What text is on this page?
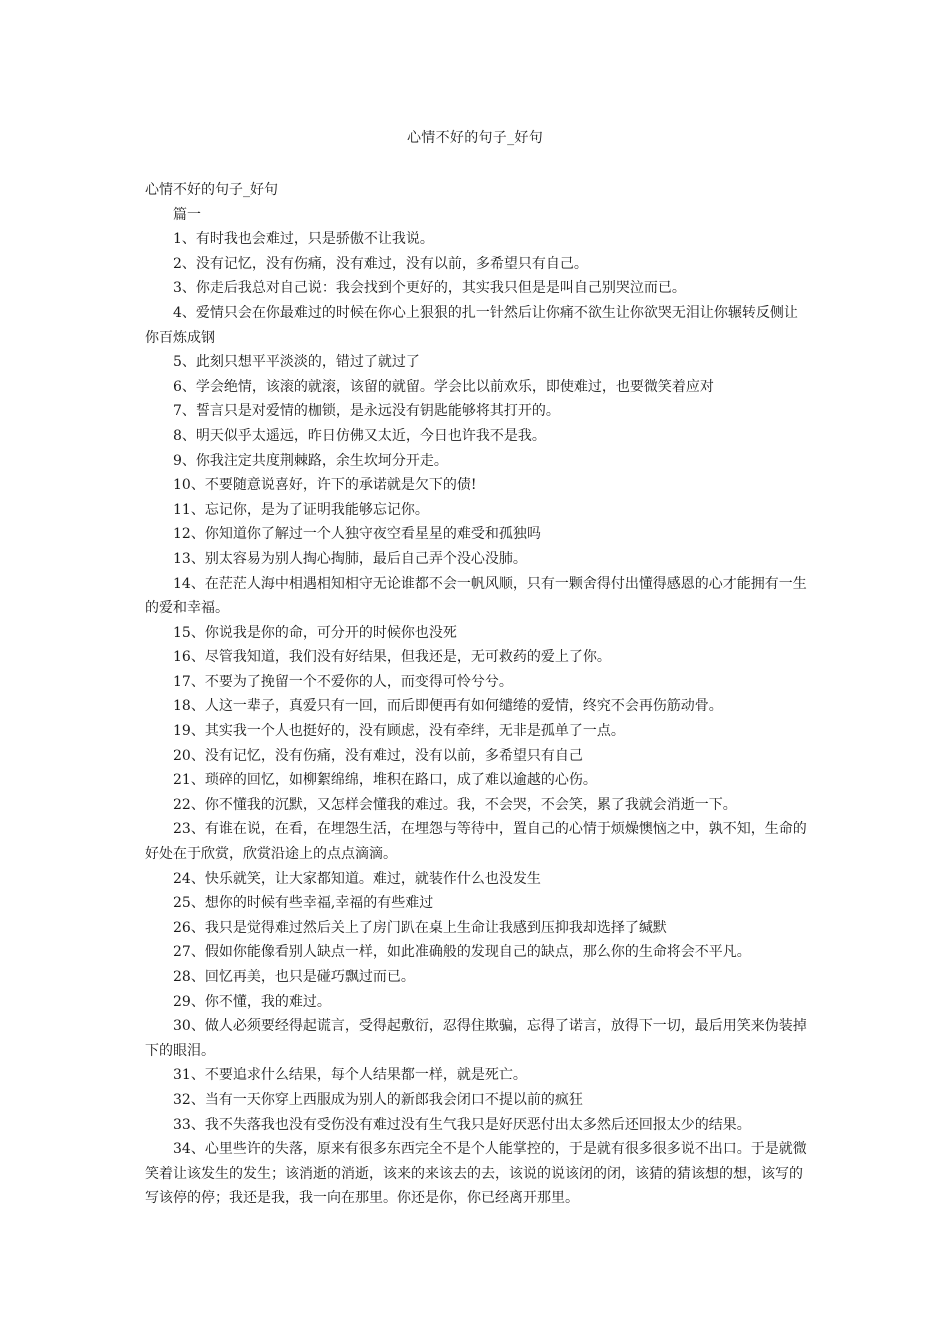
心情不好的句子_好句

心情不好的句子_好句

篇一

1、有时我也会难过，只是骄傲不让我说。

2、没有记忆，没有伤痛，没有难过，没有以前，多希望只有自己。

3、你走后我总对自己说：我会找到个更好的，其实我只但是是叫自己别哭泣而已。

4、爱情只会在你最难过的时候在你心上狠狠的扎一针然后让你痛不欲生让你欲哭无泪让你辗转反侧让你百炼成钢

5、此刻只想平平淡淡的，错过了就过了

6、学会绝情，该滚的就滚，该留的就留。学会比以前欢乐，即使难过，也要微笑着应对

7、誓言只是对爱情的枷锁，是永远没有钥匙能够将其打开的。

8、明天似乎太遥远，昨日仿佛又太近，今日也许我不是我。

9、你我注定共度荆棘路，余生坎坷分开走。

10、不要随意说喜好，许下的承诺就是欠下的债!

11、忘记你，是为了证明我能够忘记你。

12、你知道你了解过一个人独守夜空看星星的难受和孤独吗

13、别太容易为别人掏心掏肺，最后自己弄个没心没肺。

14、在茫茫人海中相遇相知相守无论谁都不会一帆风顺，只有一颗舍得付出懂得感恩的心才能拥有一生的爱和幸福。

15、你说我是你的命，可分开的时候你也没死

16、尽管我知道，我们没有好结果，但我还是，无可救药的爱上了你。

17、不要为了挽留一个不爱你的人，而变得可怜兮兮。

18、人这一辈子，真爱只有一回，而后即便再有如何缱绻的爱情，终究不会再伤筋动骨。

19、其实我一个人也挺好的，没有顾虑，没有牵绊，无非是孤单了一点。

20、没有记忆，没有伤痛，没有难过，没有以前，多希望只有自己

21、琐碎的回忆，如柳絮绵绵，堆积在路口，成了难以逾越的心伤。

22、你不懂我的沉默，又怎样会懂我的难过。我，不会哭，不会笑，累了我就会消逝一下。

23、有谁在说，在看，在埋怨生活，在埋怨与等待中，置自己的心情于烦燥懊恼之中，孰不知，生命的好处在于欣赏，欣赏沿途上的点点滴滴。

24、快乐就笑，让大家都知道。难过，就装作什么也没发生

25、想你的时候有些幸福,幸福的有些难过

26、我只是觉得难过然后关上了房门趴在桌上生命让我感到压抑我却选择了缄默

27、假如你能像看别人缺点一样，如此准确般的发现自己的缺点，那么你的生命将会不平凡。

28、回忆再美，也只是碰巧飘过而已。

29、你不懂，我的难过。

30、做人必须要经得起谎言，受得起敷衍，忍得住欺骗，忘得了诺言，放得下一切，最后用笑来伪装掉下的眼泪。

31、不要追求什么结果，每个人结果都一样，就是死亡。

32、当有一天你穿上西服成为别人的新郎我会闭口不提以前的疯狂

33、我不失落我也没有受伤没有难过没有生气我只是好厌恶付出太多然后还回报太少的结果。

34、心里些许的失落，原来有很多东西完全不是个人能掌控的，于是就有很多很多说不出口。于是就微笑着让该发生的发生；该消逝的消逝，该来的来该去的去，该说的说该闭的闭，该猜的猜该想的想，该写的写该停的停；我还是我，我一向在那里。你还是你，你已经离开那里。
